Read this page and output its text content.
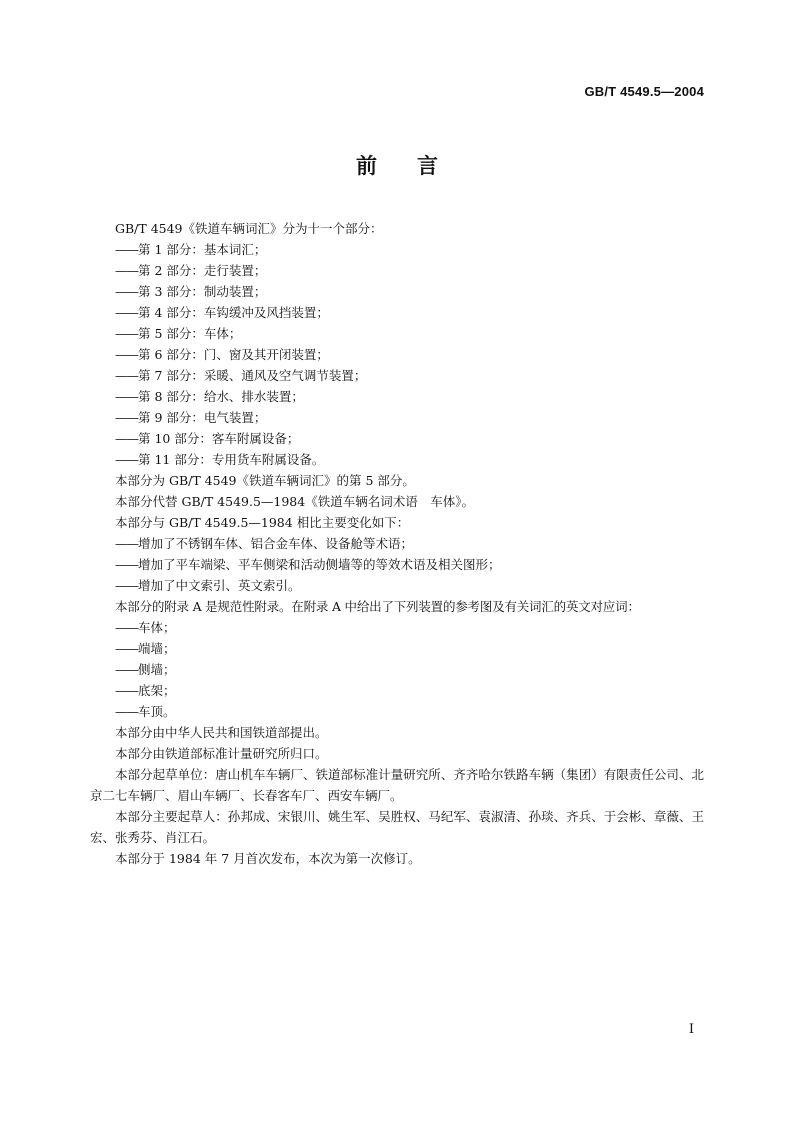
GB/T 4549.5—2004
前言

GB/T 4549《铁道车辆词汇》分为十一个部分：

——第 1 部分：基本词汇；

——第 2 部分：走行装置；

——第 3 部分：制动装置；

——第 4 部分：车钩缓冲及风挡装置；

——第 5 部分：车体；

——第 6 部分：门、窗及其开闭装置；

——第 7 部分：采暖、通风及空气调节装置；

——第 8 部分：给水、排水装置；

——第 9 部分：电气装置；

——第 10 部分：客车附属设备；

——第 11 部分：专用货车附属设备。

本部分为 GB/T 4549《铁道车辆词汇》的第 5 部分。

本部分代替 GB/T 4549.5—1984《铁道车辆名词术语　车体》。

本部分与 GB/T 4549.5—1984 相比主要变化如下：

——增加了不锈钢车体、铝合金车体、设备舱等术语；

——增加了平车端梁、平车侧梁和活动侧墙等的等效术语及相关图形；

——增加了中文索引、英文索引。

本部分的附录 A 是规范性附录。在附录 A 中给出了下列装置的参考图及有关词汇的英文对应词：

——车体；

——端墙；

——侧墙；

——底架；

——车顶。

本部分由中华人民共和国铁道部提出。

本部分由铁道部标准计量研究所归口。

本部分起草单位：唐山机车车辆厂、铁道部标准计量研究所、齐齐哈尔铁路车辆（集团）有限责任公司、北京二七车辆厂、眉山车辆厂、长春客车厂、西安车辆厂。

本部分主要起草人：孙邦成、宋银川、姚生军、吴胜权、马纪军、袁淑清、孙琰、齐兵、于会彬、章薇、王宏、张秀芬、肖江石。

本部分于 1984 年 7 月首次发布，本次为第一次修订。

I
